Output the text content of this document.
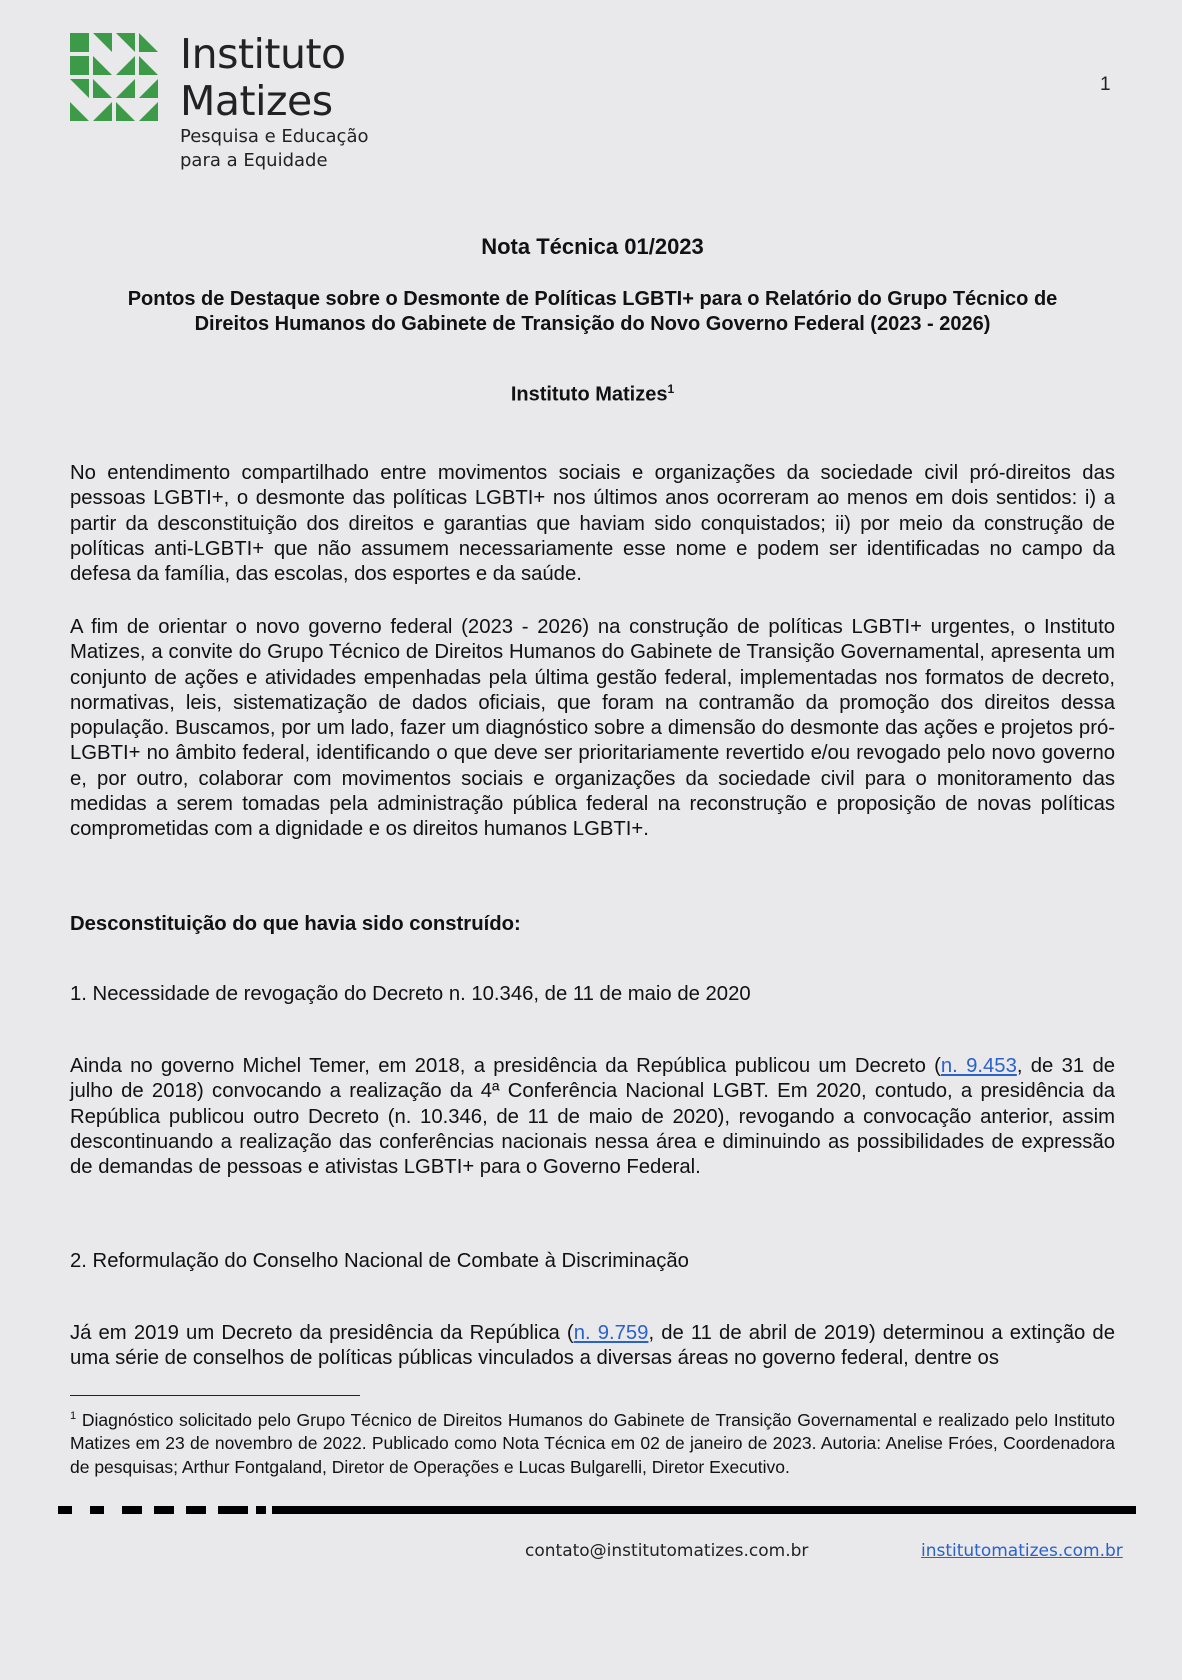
Instituto
Matizes
Pesquisa e Educação
para a Equidade
1
Nota Técnica 01/2023
Pontos de Destaque sobre o Desmonte de Políticas LGBTI+ para o Relatório do Grupo Técnico de
Direitos Humanos do Gabinete de Transição do Novo Governo Federal (2023 - 2026)
Instituto Matizes$^1$
No entendimento compartilhado entre movimentos sociais e organizações da sociedade civil pró-direitos das pessoas LGBTI+, o desmonte das políticas LGBTI+ nos últimos anos ocorreram ao menos em dois sentidos: i) a partir da desconstituição dos direitos e garantias que haviam sido conquistados; ii) por meio da construção de políticas anti-LGBTI+ que não assumem necessariamente esse nome e podem ser identificadas no campo da defesa da família, das escolas, dos esportes e da saúde.
A fim de orientar o novo governo federal (2023 - 2026) na construção de políticas LGBTI+ urgentes, o Instituto Matizes, a convite do Grupo Técnico de Direitos Humanos do Gabinete de Transição Governamental, apresenta um conjunto de ações e atividades empenhadas pela última gestão federal, implementadas nos formatos de decreto, normativas, leis, sistematização de dados oficiais, que foram na contramão da promoção dos direitos dessa população. Buscamos, por um lado, fazer um diagnóstico sobre a dimensão do desmonte das ações e projetos pró-LGBTI+ no âmbito federal, identificando o que deve ser prioritariamente revertido e/ou revogado pelo novo governo e, por outro, colaborar com movimentos sociais e organizações da sociedade civil para o monitoramento das medidas a serem tomadas pela administração pública federal na reconstrução e proposição de novas políticas comprometidas com a dignidade e os direitos humanos LGBTI+.
Desconstituição do que havia sido construído:
1. Necessidade de revogação do Decreto n. 10.346, de 11 de maio de 2020
Ainda no governo Michel Temer, em 2018, a presidência da República publicou um Decreto (n. 9.453, de 31 de julho de 2018) convocando a realização da 4ª Conferência Nacional LGBT. Em 2020, contudo, a presidência da República publicou outro Decreto (n. 10.346, de 11 de maio de 2020), revogando a convocação anterior, assim descontinuando a realização das conferências nacionais nessa área e diminuindo as possibilidades de expressão de demandas de pessoas e ativistas LGBTI+ para o Governo Federal.
2. Reformulação do Conselho Nacional de Combate à Discriminação
Já em 2019 um Decreto da presidência da República (n. 9.759, de 11 de abril de 2019) determinou a extinção de uma série de conselhos de políticas públicas vinculados a diversas áreas no governo federal, dentre os
$^1$ Diagnóstico solicitado pelo Grupo Técnico de Direitos Humanos do Gabinete de Transição Governamental e realizado pelo Instituto Matizes em 23 de novembro de 2022. Publicado como Nota Técnica em 02 de janeiro de 2023. Autoria: Anelise Fróes, Coordenadora de pesquisas; Arthur Fontgaland, Diretor de Operações e Lucas Bulgarelli, Diretor Executivo.
contato@institutomatizes.com.br	institutomatizes.com.br
